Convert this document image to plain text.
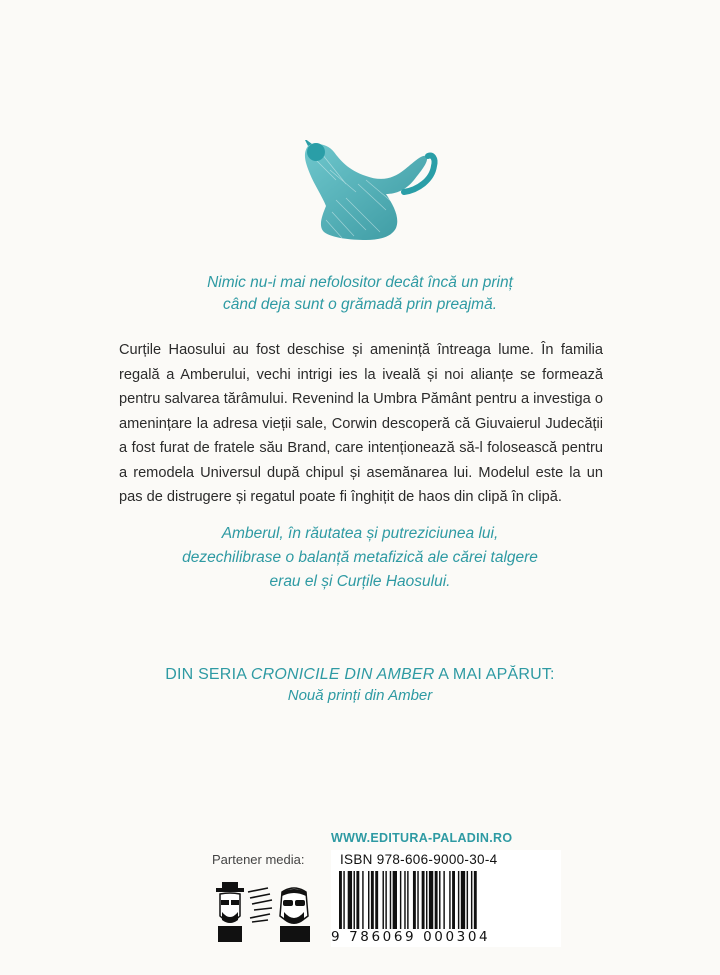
Nimic nu-i mai nefolositor decât încă un prinț
când deja sunt o grămadă prin preajmă.
Curțile Haosului au fost deschise și amenință întreaga lume. În familia regală a Amberului, vechi intrigi ies la iveală și noi alianțe se formează pentru salvarea tărâmului. Revenind la Umbra Pământ pentru a investiga o amenințare la adresa vieții sale, Corwin descoperă că Giuvaierul Judecății a fost furat de fratele său Brand, care intenționează să-l folosească pentru a remodela Universul după chipul și asemănarea lui. Modelul este la un pas de distrugere și regatul poate fi înghițit de haos din clipă în clipă.
Amberul, în răutatea și putreziciunea lui,
dezechilibrase o balanță metafizică ale cărei talgere
erau el și Curțile Haosului.
DIN SERIA CRONICILE DIN AMBER A MAI APĂRUT:
Nouă prinți din Amber
WWW.EDITURA-PALADIN.RO
Partener media:	ISBN 978-606-9000-30-4
9 786069 000304
